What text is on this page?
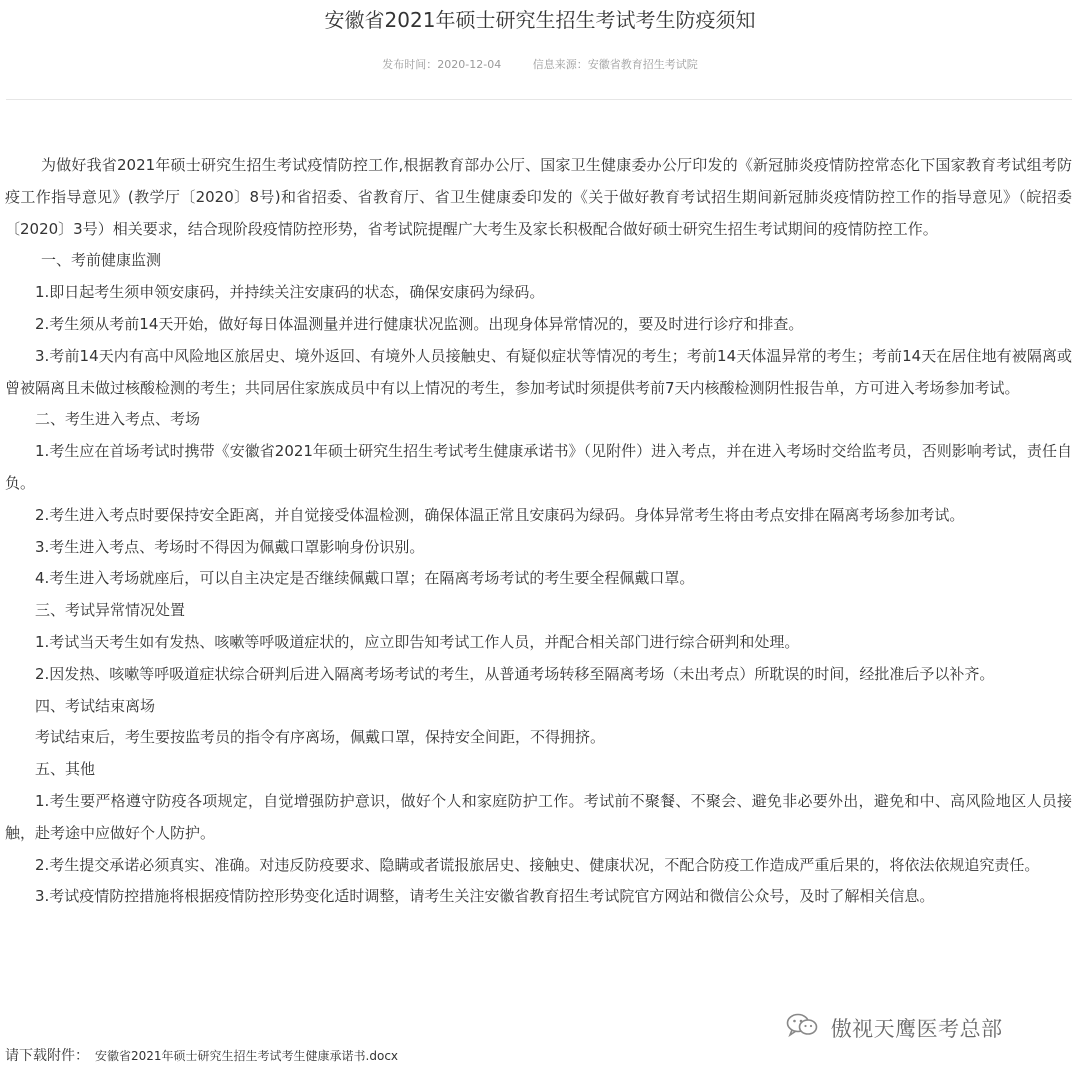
安徽省2021年硕士研究生招生考试考生防疫须知
发布时间：2020-12-04	信息来源：安徽省教育招生考试院

为做好我省2021年硕士研究生招生考试疫情防控工作,根据教育部办公厅、国家卫生健康委办公厅印发的《新冠肺炎疫情防控常态化下国家教育考试组考防疫工作指导意见》(教学厅〔2020〕8号)和省招委、省教育厅、省卫生健康委印发的《关于做好教育考试招生期间新冠肺炎疫情防控工作的指导意见》（皖招委〔2020〕3号）相关要求，结合现阶段疫情防控形势，省考试院提醒广大考生及家长积极配合做好硕士研究生招生考试期间的疫情防控工作。

一、考前健康监测

1.即日起考生须申领安康码，并持续关注安康码的状态，确保安康码为绿码。

2.考生须从考前14天开始，做好每日体温测量并进行健康状况监测。出现身体异常情况的，要及时进行诊疗和排查。

3.考前14天内有高中风险地区旅居史、境外返回、有境外人员接触史、有疑似症状等情况的考生；考前14天体温异常的考生；考前14天在居住地有被隔离或曾被隔离且未做过核酸检测的考生；共同居住家族成员中有以上情况的考生，参加考试时须提供考前7天内核酸检测阴性报告单，方可进入考场参加考试。

二、考生进入考点、考场

1.考生应在首场考试时携带《安徽省2021年硕士研究生招生考试考生健康承诺书》（见附件）进入考点，并在进入考场时交给监考员，否则影响考试，责任自负。

2.考生进入考点时要保持安全距离，并自觉接受体温检测，确保体温正常且安康码为绿码。身体异常考生将由考点安排在隔离考场参加考试。

3.考生进入考点、考场时不得因为佩戴口罩影响身份识别。

4.考生进入考场就座后，可以自主决定是否继续佩戴口罩；在隔离考场考试的考生要全程佩戴口罩。

三、考试异常情况处置

1.考试当天考生如有发热、咳嗽等呼吸道症状的，应立即告知考试工作人员，并配合相关部门进行综合研判和处理。

2.因发热、咳嗽等呼吸道症状综合研判后进入隔离考场考试的考生，从普通考场转移至隔离考场（未出考点）所耽误的时间，经批准后予以补齐。

四、考试结束离场

考试结束后，考生要按监考员的指令有序离场，佩戴口罩，保持安全间距，不得拥挤。

五、其他

1.考生要严格遵守防疫各项规定，自觉增强防护意识，做好个人和家庭防护工作。考试前不聚餐、不聚会、避免非必要外出，避免和中、高风险地区人员接触，赴考途中应做好个人防护。

2.考生提交承诺必须真实、准确。对违反防疫要求、隐瞒或者谎报旅居史、接触史、健康状况，不配合防疫工作造成严重后果的，将依法依规追究责任。

3.考试疫情防控措施将根据疫情防控形势变化适时调整，请考生关注安徽省教育招生考试院官方网站和微信公众号，及时了解相关信息。

傲视天鹰医考总部
请下载附件： 安徽省2021年硕士研究生招生考试考生健康承诺书.docx
